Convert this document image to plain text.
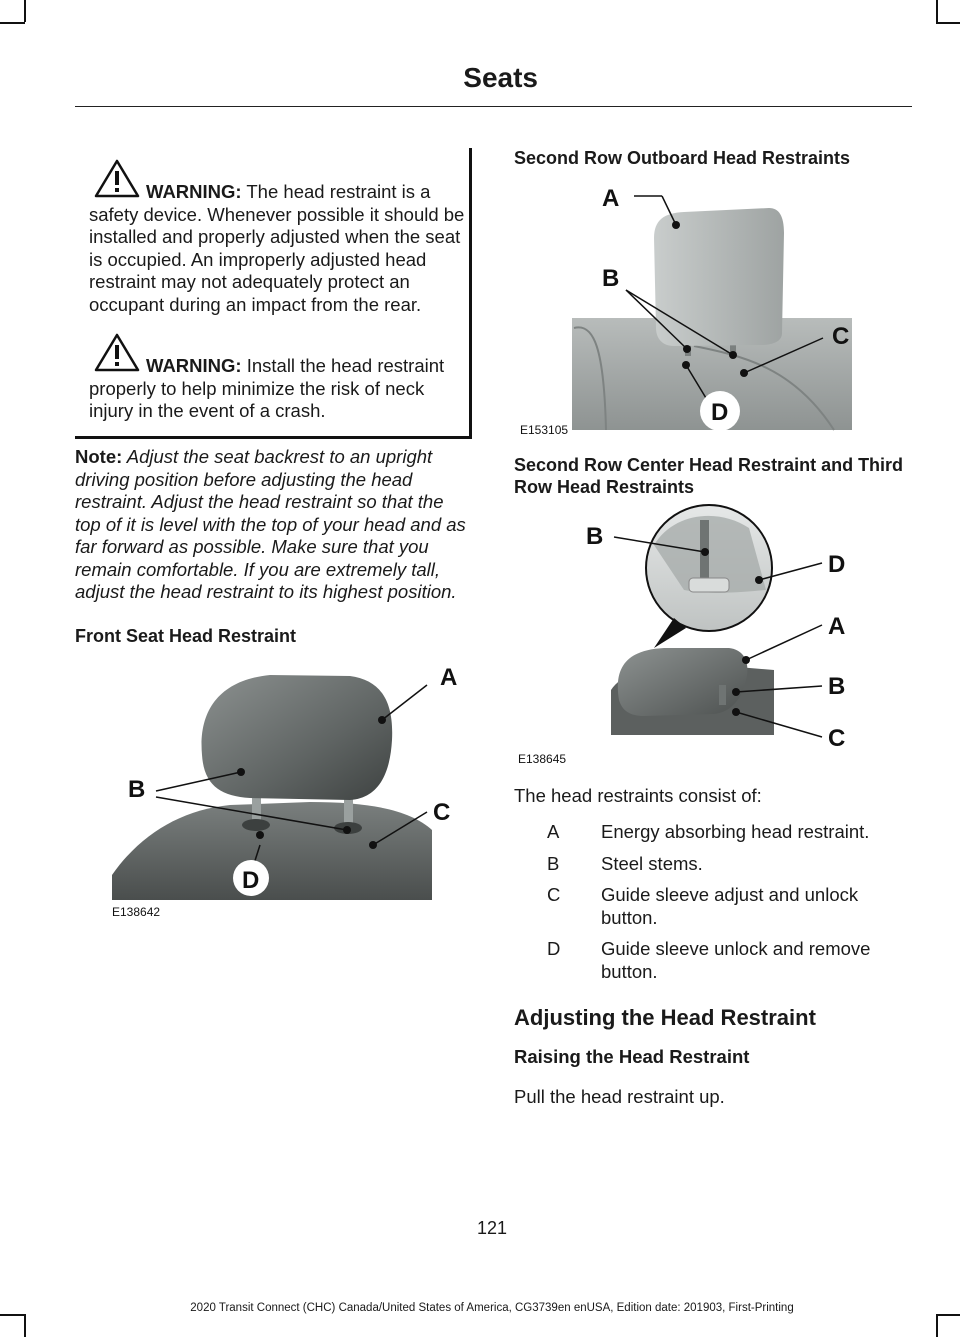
Seats
WARNING: The head restraint is a safety device. Whenever possible it should be installed and properly adjusted when the seat is occupied. An improperly adjusted head restraint may not adequately protect an occupant during an impact from the rear.
WARNING: Install the head restraint properly to help minimize the risk of neck injury in the event of a crash.
Note: Adjust the seat backrest to an upright driving position before adjusting the head restraint. Adjust the head restraint so that the top of it is level with the top of your head and as far forward as possible. Make sure that you remain comfortable. If you are extremely tall, adjust the head restraint to its highest position.
Front Seat Head Restraint
A
B
C
D
E138642
Second Row Outboard Head Restraints
A
B
C
D
E153105
Second Row Center Head Restraint and Third Row Head Restraints
B
D
A
B
C
E138645
The head restraints consist of:
A	Energy absorbing head restraint.
B	Steel stems.
C	Guide sleeve adjust and unlock button.
D	Guide sleeve unlock and remove button.
Adjusting the Head Restraint
Raising the Head Restraint
Pull the head restraint up.
121
2020 Transit Connect (CHC) Canada/United States of America, CG3739en enUSA, Edition date: 201903, First-Printing
